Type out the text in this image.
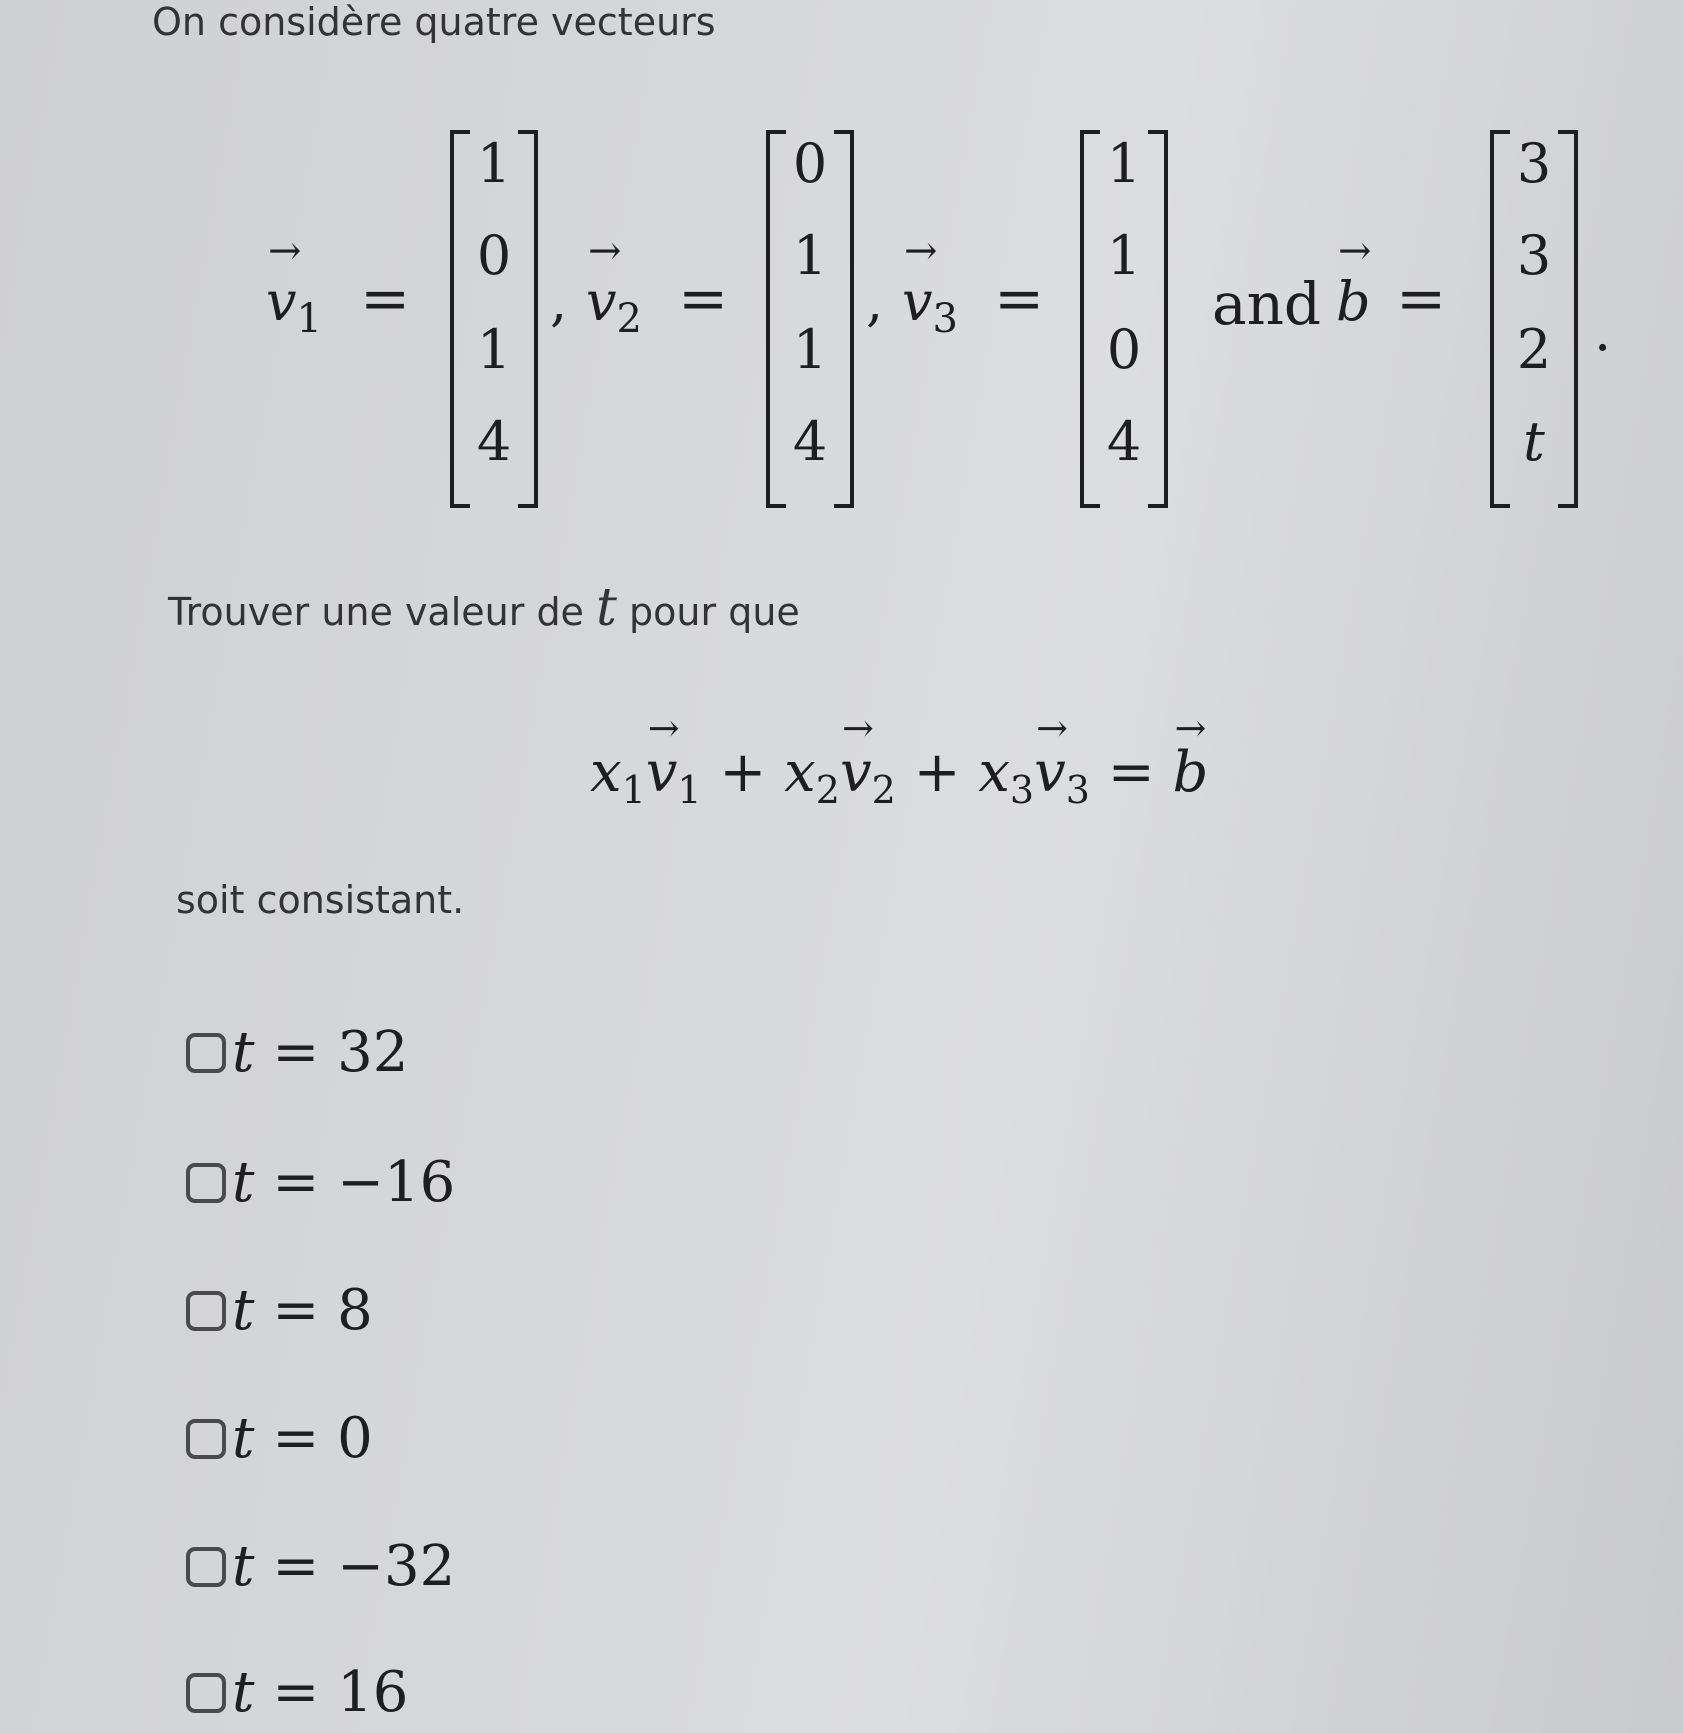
On considère quatre vecteurs
→
$v_1$ =
1
0
1
4
,
→
$v_2$ =
0
1
1
4
,
→
$v_3$ =
1
1
0
4
and
→
b =
3
3
2
t
.
Trouver une valeur de t pour que
$x_1$
→
$v_1 + x_2$
→
$v_2 + x_3$
→
$v_3$ =
→
b
soit consistant.
t = 32
t = −16
t = 8
t = 0
t = −32
t = 16
